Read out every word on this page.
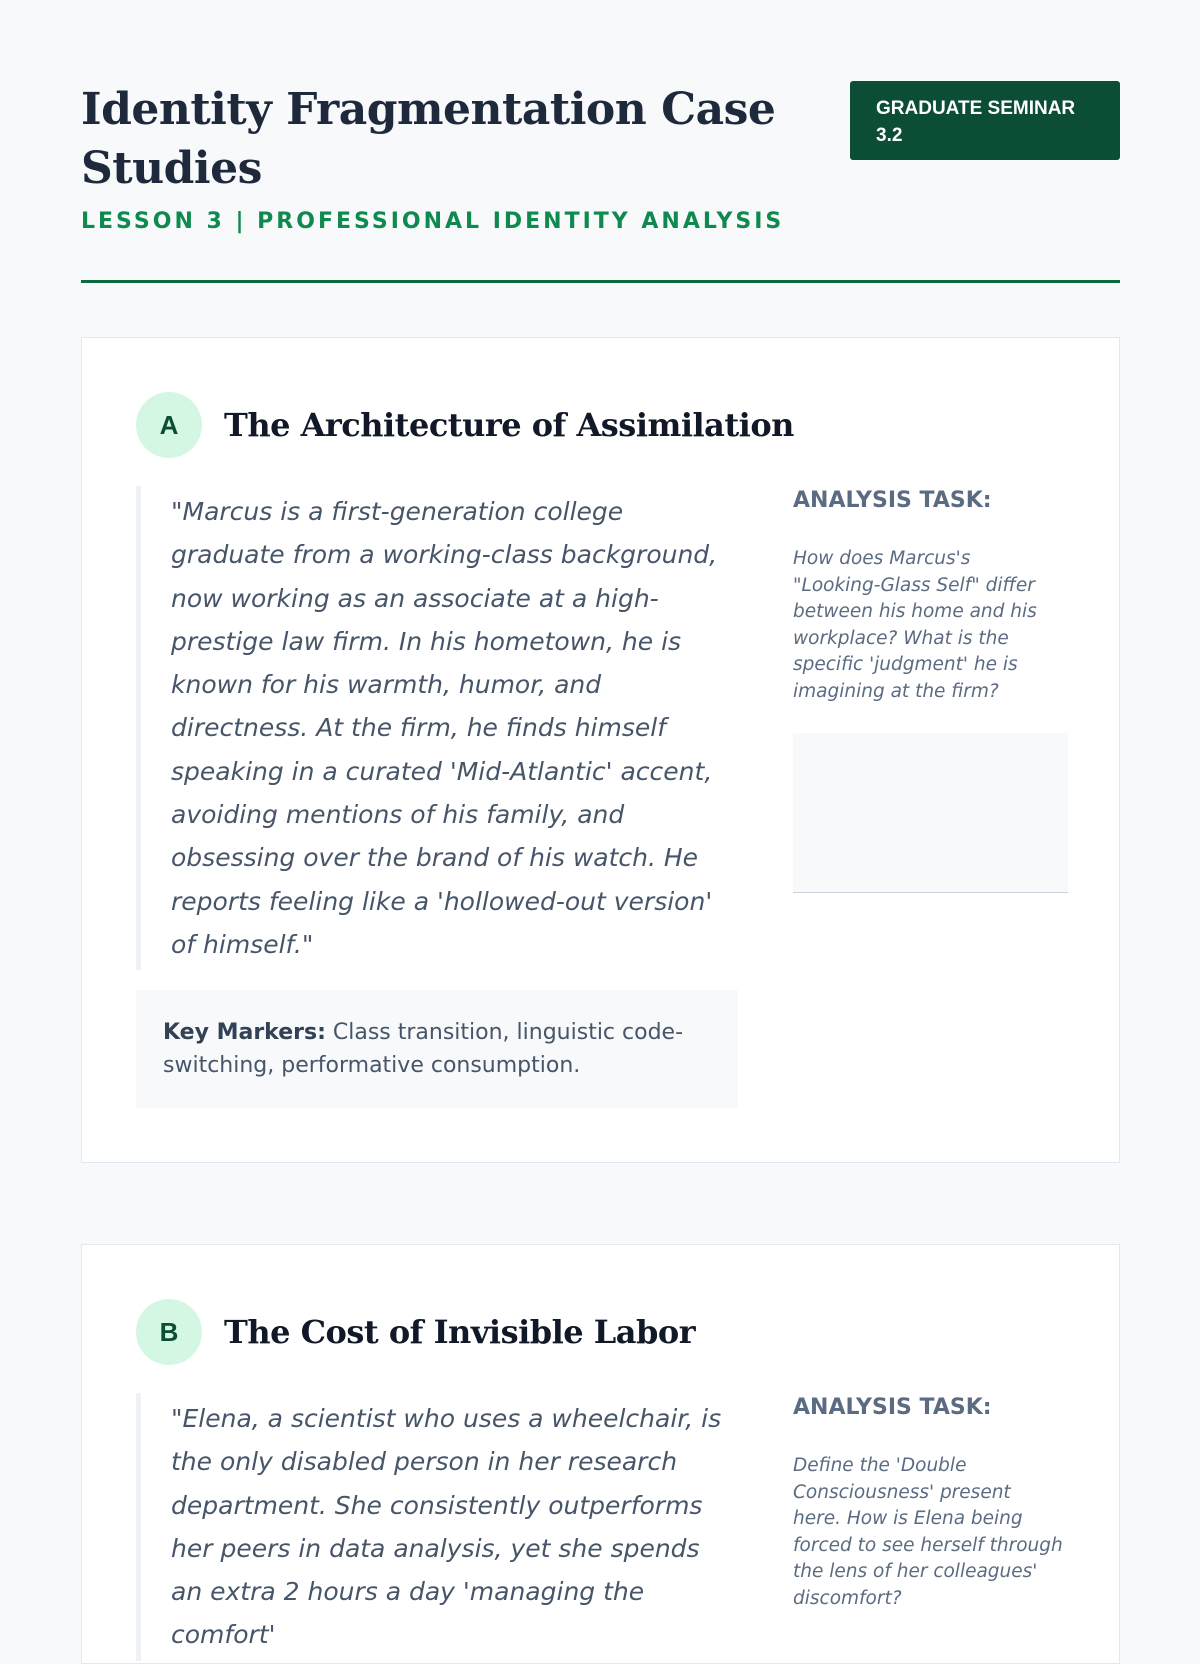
Identity Fragmentation Case Studies
LESSON 3 | PROFESSIONAL IDENTITY ANALYSIS
GRADUATE SEMINAR 3.2
A	The Architecture of Assimilation
"Marcus is a first-generation college graduate from a working-class background, now working as an associate at a high-prestige law firm. In his hometown, he is known for his warmth, humor, and directness. At the firm, he finds himself speaking in a curated 'Mid-Atlantic' accent, avoiding mentions of his family, and obsessing over the brand of his watch. He reports feeling like a 'hollowed-out version' of himself."
Key Markers: Class transition, linguistic code-switching, performative consumption.
ANALYSIS TASK:

How does Marcus's "Looking-Glass Self" differ between his home and his workplace? What is the specific 'judgment' he is imagining at the firm?

B	The Cost of Invisible Labor
"Elena, a scientist who uses a wheelchair, is the only disabled person in her research department. She consistently outperforms her peers in data analysis, yet she spends an extra 2 hours a day 'managing the comfort'
ANALYSIS TASK:

Define the 'Double Consciousness' present here. How is Elena being forced to see herself through the lens of her colleagues' discomfort?
